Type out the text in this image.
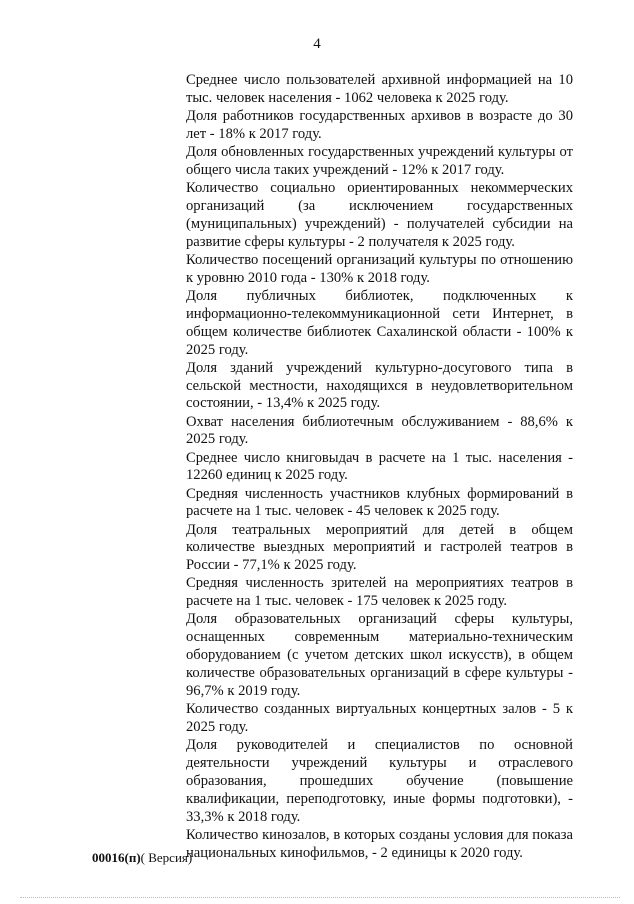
4

Среднее число пользователей архивной информацией на 10 тыс. человек населения - 1062 человека к 2025 году.

Доля работников государственных архивов в возрасте до 30 лет - 18% к 2017 году.

Доля обновленных государственных учреждений культуры от общего числа таких учреждений - 12% к 2017 году.

Количество социально ориентированных некоммерческих организаций (за исключением государственных (муниципальных) учреждений) - получателей субсидии на развитие сферы культуры - 2 получателя к 2025 году.

Количество посещений организаций культуры по отношению к уровню 2010 года - 130% к 2018 году.

Доля публичных библиотек, подключенных к информационно-телекоммуникационной сети Интернет, в общем количестве библиотек Сахалинской области - 100% к 2025 году.

Доля зданий учреждений культурно-досугового типа в сельской местности, находящихся в неудовлетворительном состоянии, - 13,4% к 2025 году.

Охват населения библиотечным обслуживанием - 88,6% к 2025 году.

Среднее число книговыдач в расчете на 1 тыс. населения - 12260 единиц к 2025 году.

Средняя численность участников клубных формирований в расчете на 1 тыс. человек - 45 человек к 2025 году.

Доля театральных мероприятий для детей в общем количестве выездных мероприятий и гастролей театров в России - 77,1% к 2025 году.

Средняя численность зрителей на мероприятиях театров в расчете на 1 тыс. человек - 175 человек к 2025 году.

Доля образовательных организаций сферы культуры, оснащенных современным материально-техническим оборудованием (с учетом детских школ искусств), в общем количестве образовательных организаций в сфере культуры - 96,7% к 2019 году.

Количество созданных виртуальных концертных залов - 5 к 2025 году.

Доля руководителей и специалистов по основной деятельности учреждений культуры и отраслевого образования, прошедших обучение (повышение квалификации, переподготовку, иные формы подготовки), - 33,3% к 2018 году.

Количество кинозалов, в которых созданы условия для показа национальных кинофильмов, - 2 единицы к 2020 году.

00016(п)( Версия)
